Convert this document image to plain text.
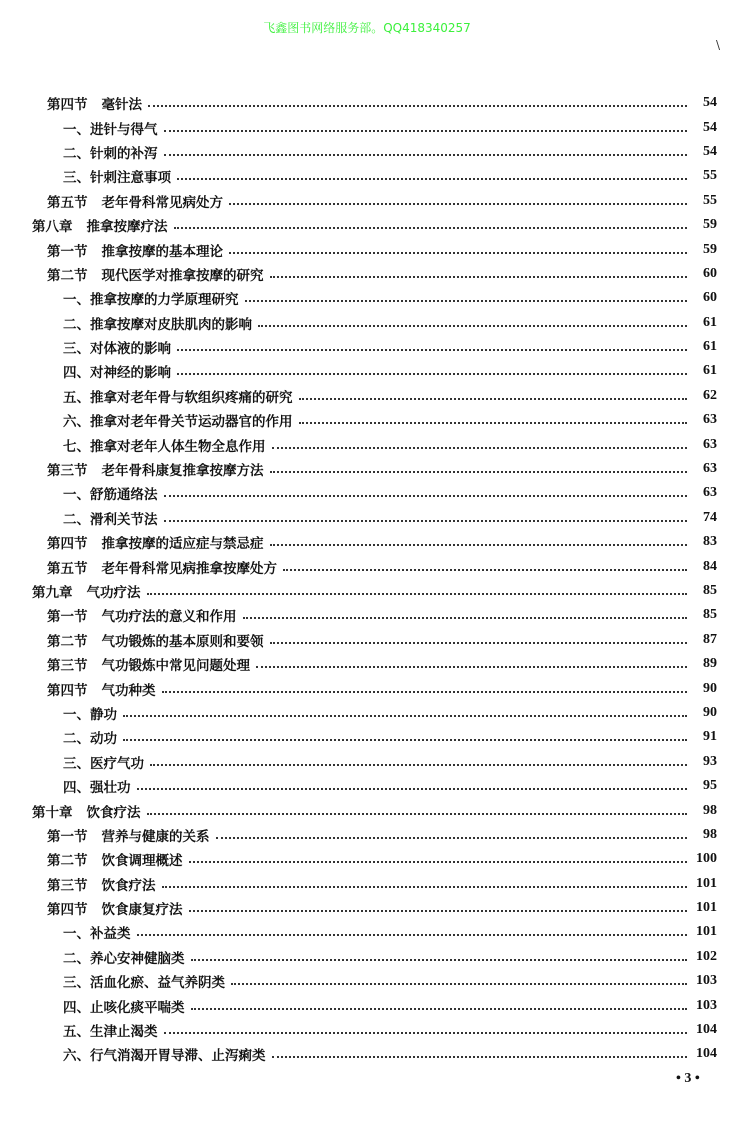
飞鑫图书网络服务部。QQ418340257
\
第四节 毫针法	54
一、进针与得气	54
二、针刺的补泻	54
三、针刺注意事项	55
第五节 老年骨科常见病处方	55
第八章 推拿按摩疗法	59
第一节 推拿按摩的基本理论	59
第二节 现代医学对推拿按摩的研究	60
一、推拿按摩的力学原理研究	60
二、推拿按摩对皮肤肌肉的影响	61
三、对体液的影响	61
四、对神经的影响	61
五、推拿对老年骨与软组织疼痛的研究	62
六、推拿对老年骨关节运动器官的作用	63
七、推拿对老年人体生物全息作用	63
第三节 老年骨科康复推拿按摩方法	63
一、舒筋通络法	63
二、滑利关节法	74
第四节 推拿按摩的适应症与禁忌症	83
第五节 老年骨科常见病推拿按摩处方	84
第九章 气功疗法	85
第一节 气功疗法的意义和作用	85
第二节 气功锻炼的基本原则和要领	87
第三节 气功锻炼中常见问题处理	89
第四节 气功种类	90
一、静功	90
二、动功	91
三、医疗气功	93
四、强壮功	95
第十章 饮食疗法	98
第一节 营养与健康的关系	98
第二节 饮食调理概述	100
第三节 饮食疗法	101
第四节 饮食康复疗法	101
一、补益类	101
二、养心安神健脑类	102
三、活血化瘀、益气养阴类	103
四、止咳化痰平喘类	103
五、生津止渴类	104
六、行气消渴开胃导滞、止泻痢类	104
• 3 •
